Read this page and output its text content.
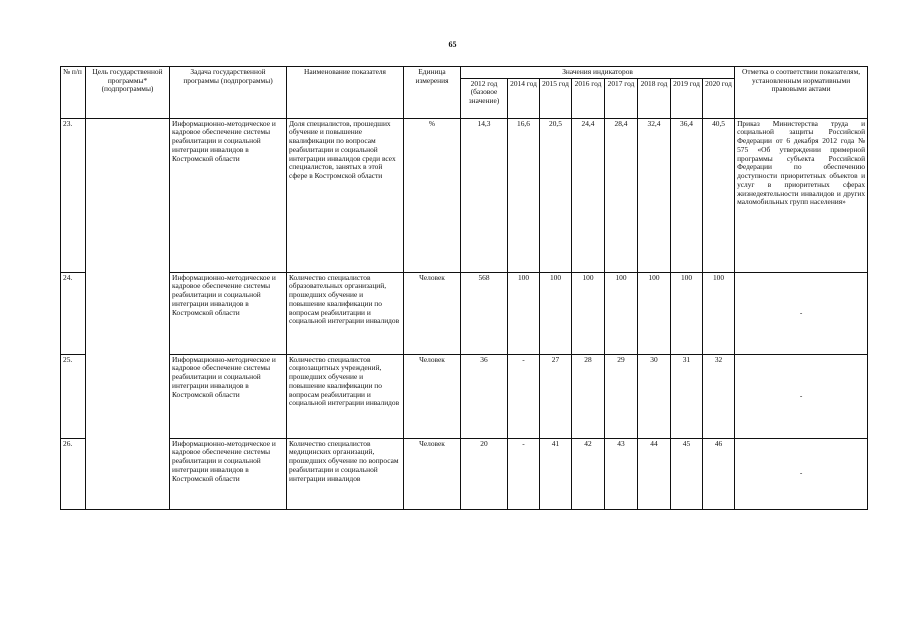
65
№ п/п	Цель государственной программы* (подпрограммы)	Задача государственной программы (подпрограммы)	Наименование показателя	Единица измерения	Значения индикаторов								Отметка о соответствии показателям, установленным нормативными правовыми актами
					2012 год (базовое значение)	2014 год	2015 год	2016 год	2017 год	2018 год	2019 год	2020 год	
23.		Информационно-методическое и кадровое обеспечение системы реабилитации и социальной интеграции инвалидов в Костромской области	Доля специалистов, прошедших обучение и повышение квалификации по вопросам реабилитации и социальной интеграции инвалидов среди всех специалистов, занятых в этой сфере в Костромской области	%	14,3	16,6	20,5	24,4	28,4	32,4	36,4	40,5	Приказ Министерства труда и социальной защиты Российской Федерации от 6 декабря 2012 года № 575 «Об утверждении примерной программы субъекта Российской Федерации по обеспечению доступности приоритетных объектов и услуг в приоритетных сферах жизнедеятельности инвалидов и других маломобильных групп населения»
24.		Информационно-методическое и кадровое обеспечение системы реабилитации и социальной интеграции инвалидов в Костромской области	Количество специалистов образовательных организаций, прошедших обучение и повышение квалификации по вопросам реабилитации и социальной интеграции инвалидов	Человек	568	100	100	100	100	100	100	100	-
25.		Информационно-методическое и кадровое обеспечение системы реабилитации и социальной интеграции инвалидов в Костромской области	Количество специалистов социозащитных учреждений, прошедших обучение и повышение квалификации по вопросам реабилитации и социальной интеграции инвалидов	Человек	36	-	27	28	29	30	31	32	-
26.		Информационно-методическое и кадровое обеспечение системы реабилитации и социальной интеграции инвалидов в Костромской области	Количество специалистов медицинских организаций, прошедших обучение по вопросам реабилитации и социальной интеграции инвалидов	Человек	20	-	41	42	43	44	45	46	-
